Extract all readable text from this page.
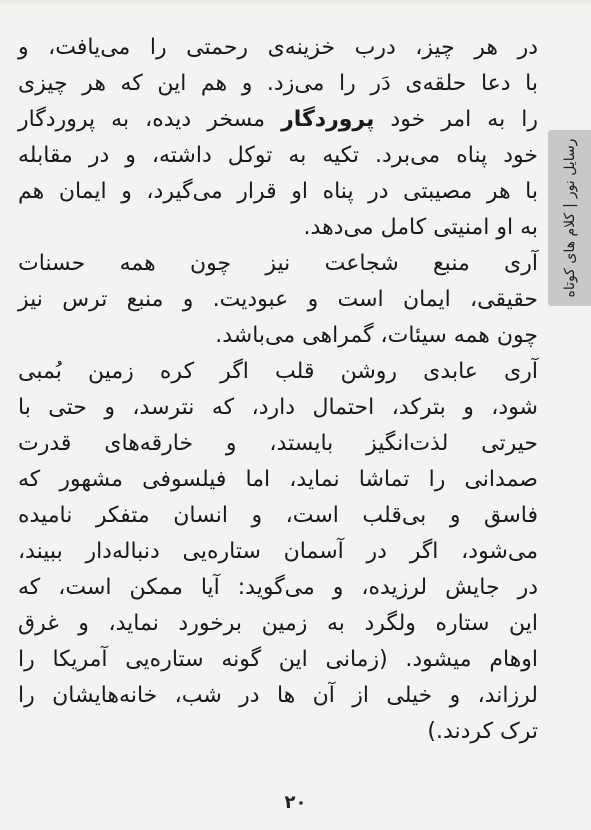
در هر چیز، درب خزینه‌ی رحمتی را می‌یافت، و
با دعا حلقه‌ی دَر را می‌زد. و هم این که هر چیزی
را به امر خود پروردگار مسخر دیده، به پروردگار
خود پناه می‌برد. تکیه به توکل داشته، و در مقابله
با هر مصیبتی در پناه او قرار می‌گیرد، و ایمان هم
به او امنیتی کامل می‌دهد.
آری منبع شجاعت نیز چون همه حسنات
حقیقی، ایمان است و عبودیت. و منبع ترس نیز
چون همه سیئات، گمراهی می‌باشد.
آری عابدی روشن قلب اگر کره زمین بُمبی
شود، و بترکد، احتمال دارد، که نترسد، و حتی با
حیرتی لذت‌انگیز بایستد، و خارقه‌های قدرت
صمدانی را تماشا نماید، اما فیلسوفی مشهور که
فاسق و بی‌قلب است، و انسان متفکر نامیده
می‌شود، اگر در آسمان ستاره‌یی دنباله‌دار ببیند،
در جایش لرزیده، و می‌گوید: آیا ممکن است، که
این ستاره ولگرد به زمین برخورد نماید، و غرق
اوهام میشود. (زمانی این گونه ستاره‌یی آمریکا را
لرزاند، و خیلی از آن ها در شب، خانه‌هایشان را
ترک کردند.)
رسایل نور|کلام های کوتاه
۲۰
